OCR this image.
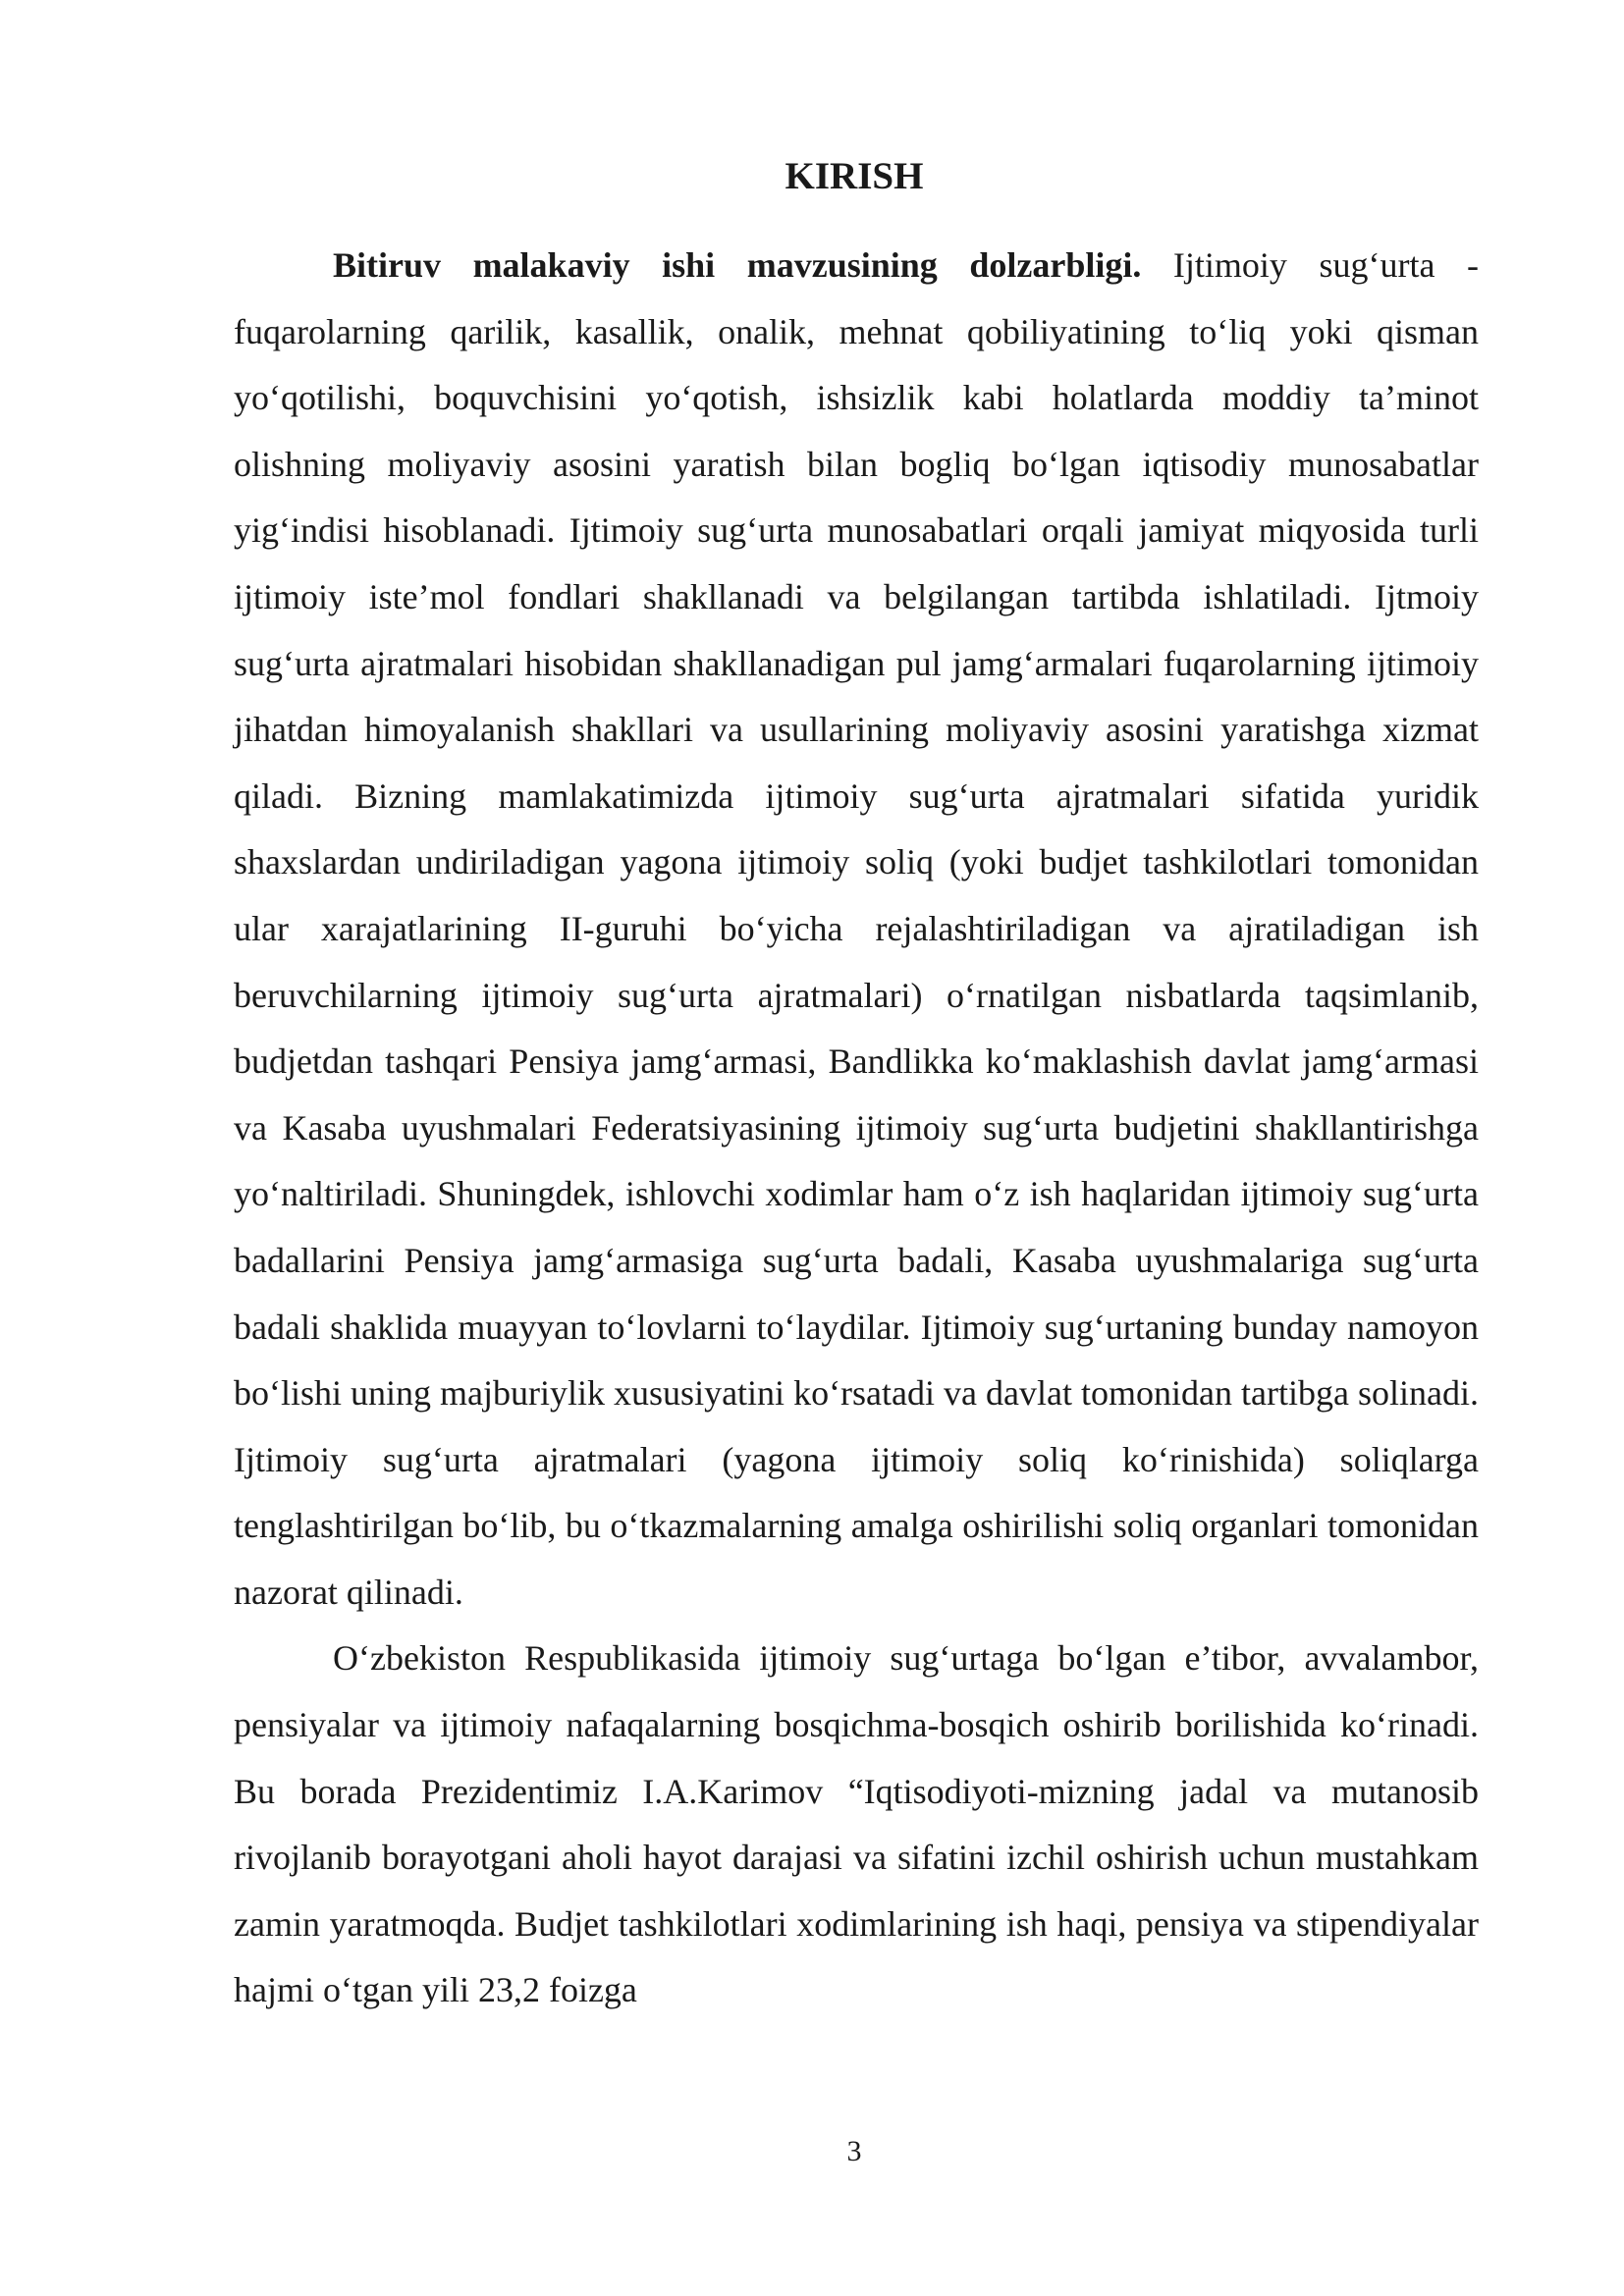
KIRISH

Bitiruv malakaviy ishi mavzusining dolzarbligi. Ijtimoiy sug‘urta - fuqarolarning qarilik, kasallik, onalik, mehnat qobiliyatining to‘liq yoki qisman yo‘qotilishi, boquvchisini yo‘qotish, ishsizlik kabi holatlarda moddiy ta’minot olishning moliyaviy asosini yaratish bilan bogliq bo‘lgan iqtisodiy munosabatlar yig‘indisi hisoblanadi. Ijtimoiy sug‘urta munosabatlari orqali jamiyat miqyosida turli ijtimoiy iste’mol fondlari shakllanadi va belgilangan tartibda ishlatiladi. Ijtmoiy sug‘urta ajratmalari hisobidan shakllanadigan pul jamg‘armalari fuqarolarning ijtimoiy jihatdan himoyalanish shakllari va usullarining moliyaviy asosini yaratishga xizmat qiladi. Bizning mamlakatimizda ijtimoiy sug‘urta ajratmalari sifatida yuridik shaxslardan undiriladigan yagona ijtimoiy soliq (yoki budjet tashkilotlari tomonidan ular xarajatlarining II-guruhi bo‘yicha rejalashtiriladigan va ajratiladigan ish beruvchilarning ijtimoiy sug‘urta ajratmalari) o‘rnatilgan nisbatlarda taqsimlanib, budjetdan tashqari Pensiya jamg‘armasi, Bandlikka ko‘maklashish davlat jamg‘armasi va Kasaba uyushmalari Federatsiyasining ijtimoiy sug‘urta budjetini shakllantirishga yo‘naltiriladi. Shuningdek, ishlovchi xodimlar ham o‘z ish haqlaridan ijtimoiy sug‘urta badallarini Pensiya jamg‘armasiga sug‘urta badali, Kasaba uyushmalariga sug‘urta badali shaklida muayyan to‘lovlarni to‘laydilar. Ijtimoiy sug‘urtaning bunday namoyon bo‘lishi uning majburiylik xususiyatini ko‘rsatadi va davlat tomonidan tartibga solinadi. Ijtimoiy sug‘urta ajratmalari (yagona ijtimoiy soliq ko‘rinishida) soliqlarga tenglashtirilgan bo‘lib, bu o‘tkazmalarning amalga oshirilishi soliq organlari tomonidan nazorat qilinadi.

O‘zbekiston Respublikasida ijtimoiy sug‘urtaga bo‘lgan e’tibor, avvalambor, pensiyalar va ijtimoiy nafaqalarning bosqichma-bosqich oshirib borilishida ko‘rinadi. Bu borada Prezidentimiz I.A.Karimov “Iqtisodiyoti-mizning jadal va mutanosib rivojlanib borayotgani aholi hayot darajasi va sifatini izchil oshirish uchun mustahkam zamin yaratmoqda. Budjet tashkilotlari xodimlarining ish haqi, pensiya va stipendiyalar hajmi o‘tgan yili 23,2 foizga

3
